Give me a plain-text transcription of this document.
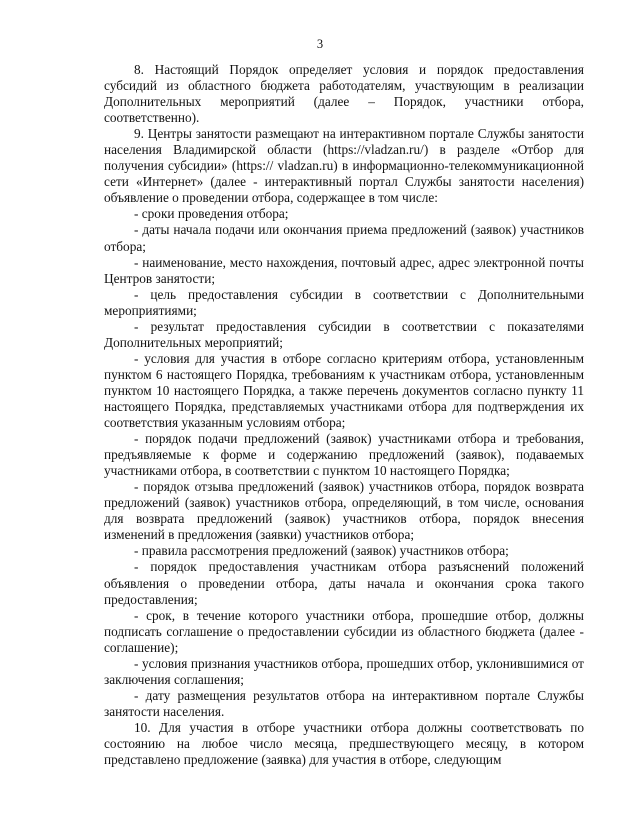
3

8. Настоящий Порядок определяет условия и порядок предоставления субсидий из областного бюджета работодателям, участвующим в реализации Дополнительных мероприятий (далее – Порядок, участники отбора, соответственно).

9. Центры занятости размещают на интерактивном портале Службы занятости населения Владимирской области (https://vladzan.ru/) в разделе «Отбор для получения субсидии» (https:// vladzan.ru) в информационно-телекоммуникационной сети «Интернет» (далее - интерактивный портал Службы занятости населения) объявление о проведении отбора, содержащее в том числе:

- сроки проведения отбора;

- даты начала подачи или окончания приема предложений (заявок) участников отбора;

- наименование, место нахождения, почтовый адрес, адрес электронной почты Центров занятости;

- цель предоставления субсидии в соответствии с Дополнительными мероприятиями;

- результат предоставления субсидии в соответствии с показателями Дополнительных мероприятий;

- условия для участия в отборе согласно критериям отбора, установленным пунктом 6 настоящего Порядка, требованиям к участникам отбора, установленным пунктом 10 настоящего Порядка, а также перечень документов согласно пункту 11 настоящего Порядка, представляемых участниками отбора для подтверждения их соответствия указанным условиям отбора;

- порядок подачи предложений (заявок) участниками отбора и требования, предъявляемые к форме и содержанию предложений (заявок), подаваемых участниками отбора, в соответствии с пунктом 10 настоящего Порядка;

- порядок отзыва предложений (заявок) участников отбора, порядок возврата предложений (заявок) участников отбора, определяющий, в том числе, основания для возврата предложений (заявок) участников отбора, порядок внесения изменений в предложения (заявки) участников отбора;

- правила рассмотрения предложений (заявок) участников отбора;

- порядок предоставления участникам отбора разъяснений положений объявления о проведении отбора, даты начала и окончания срока такого предоставления;

- срок, в течение которого участники отбора, прошедшие отбор, должны подписать соглашение о предоставлении субсидии из областного бюджета (далее - соглашение);

- условия признания участников отбора, прошедших отбор, уклонившимися от заключения соглашения;

- дату размещения результатов отбора на интерактивном портале Службы занятости населения.

10. Для участия в отборе участники отбора должны соответствовать по состоянию на любое число месяца, предшествующего месяцу, в котором представлено предложение (заявка) для участия в отборе, следующим
